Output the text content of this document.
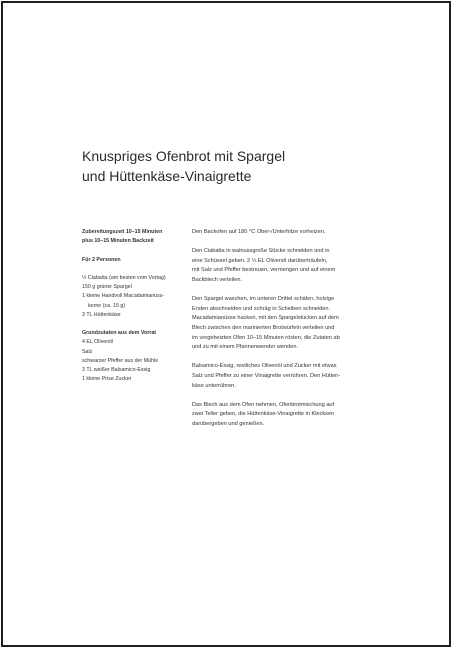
Knuspriges Ofenbrot mit Spargel
und Hüttenkäse-Vinaigrette
Zubereitungszeit 10–15 Minuten
plus 10–15 Minuten Backzeit
Für 2 Personen
½ Ciabatta (am besten vom Vortag)
150 g grüner Spargel
1 kleine Handvoll Macadamianuss-
kerne (ca. 15 g)
3 TL Hüttenkäse
Grundzutaten aus dem Vorrat
4 EL Olivenöl
Salz
schwarzer Pfeffer aus der Mühle
3 TL weißer Balsamico-Essig
1 kleine Prise Zucker

Den Backofen auf 180 °C Ober-/Unterhitze vorheizen.

Den Ciabatta in walnussgroße Stücke schneiden und in
eine Schüssel geben. 2 ½ EL Olivenöl darüberträufeln,
mit Salz und Pfeffer bestreuen, vermengen und auf einem
Backblech verteilen.

Den Spargel waschen, im unteren Drittel schälen, holzige
Enden abschneiden und schräg in Scheiben schneiden.
Macadamianüsse hacken, mit den Spargelstücken auf dem
Blech zwischen den marinierten Brotwürfeln verteilen und
im vorgeheizten Ofen 10–15 Minuten rösten, die Zutaten ab
und zu mit einem Pfannenwender wenden.

Balsamico-Essig, restliches Olivenöl und Zucker mit etwas
Salz und Pfeffer zu einer Vinaigrette verrühren. Den Hütten-
käse unterrühren.

Das Blech aus dem Ofen nehmen, Ofenbrotmischung auf
zwei Teller geben, die Hüttenkäse-Vinaigrette in Klecksen
darübergeben und genießen.
